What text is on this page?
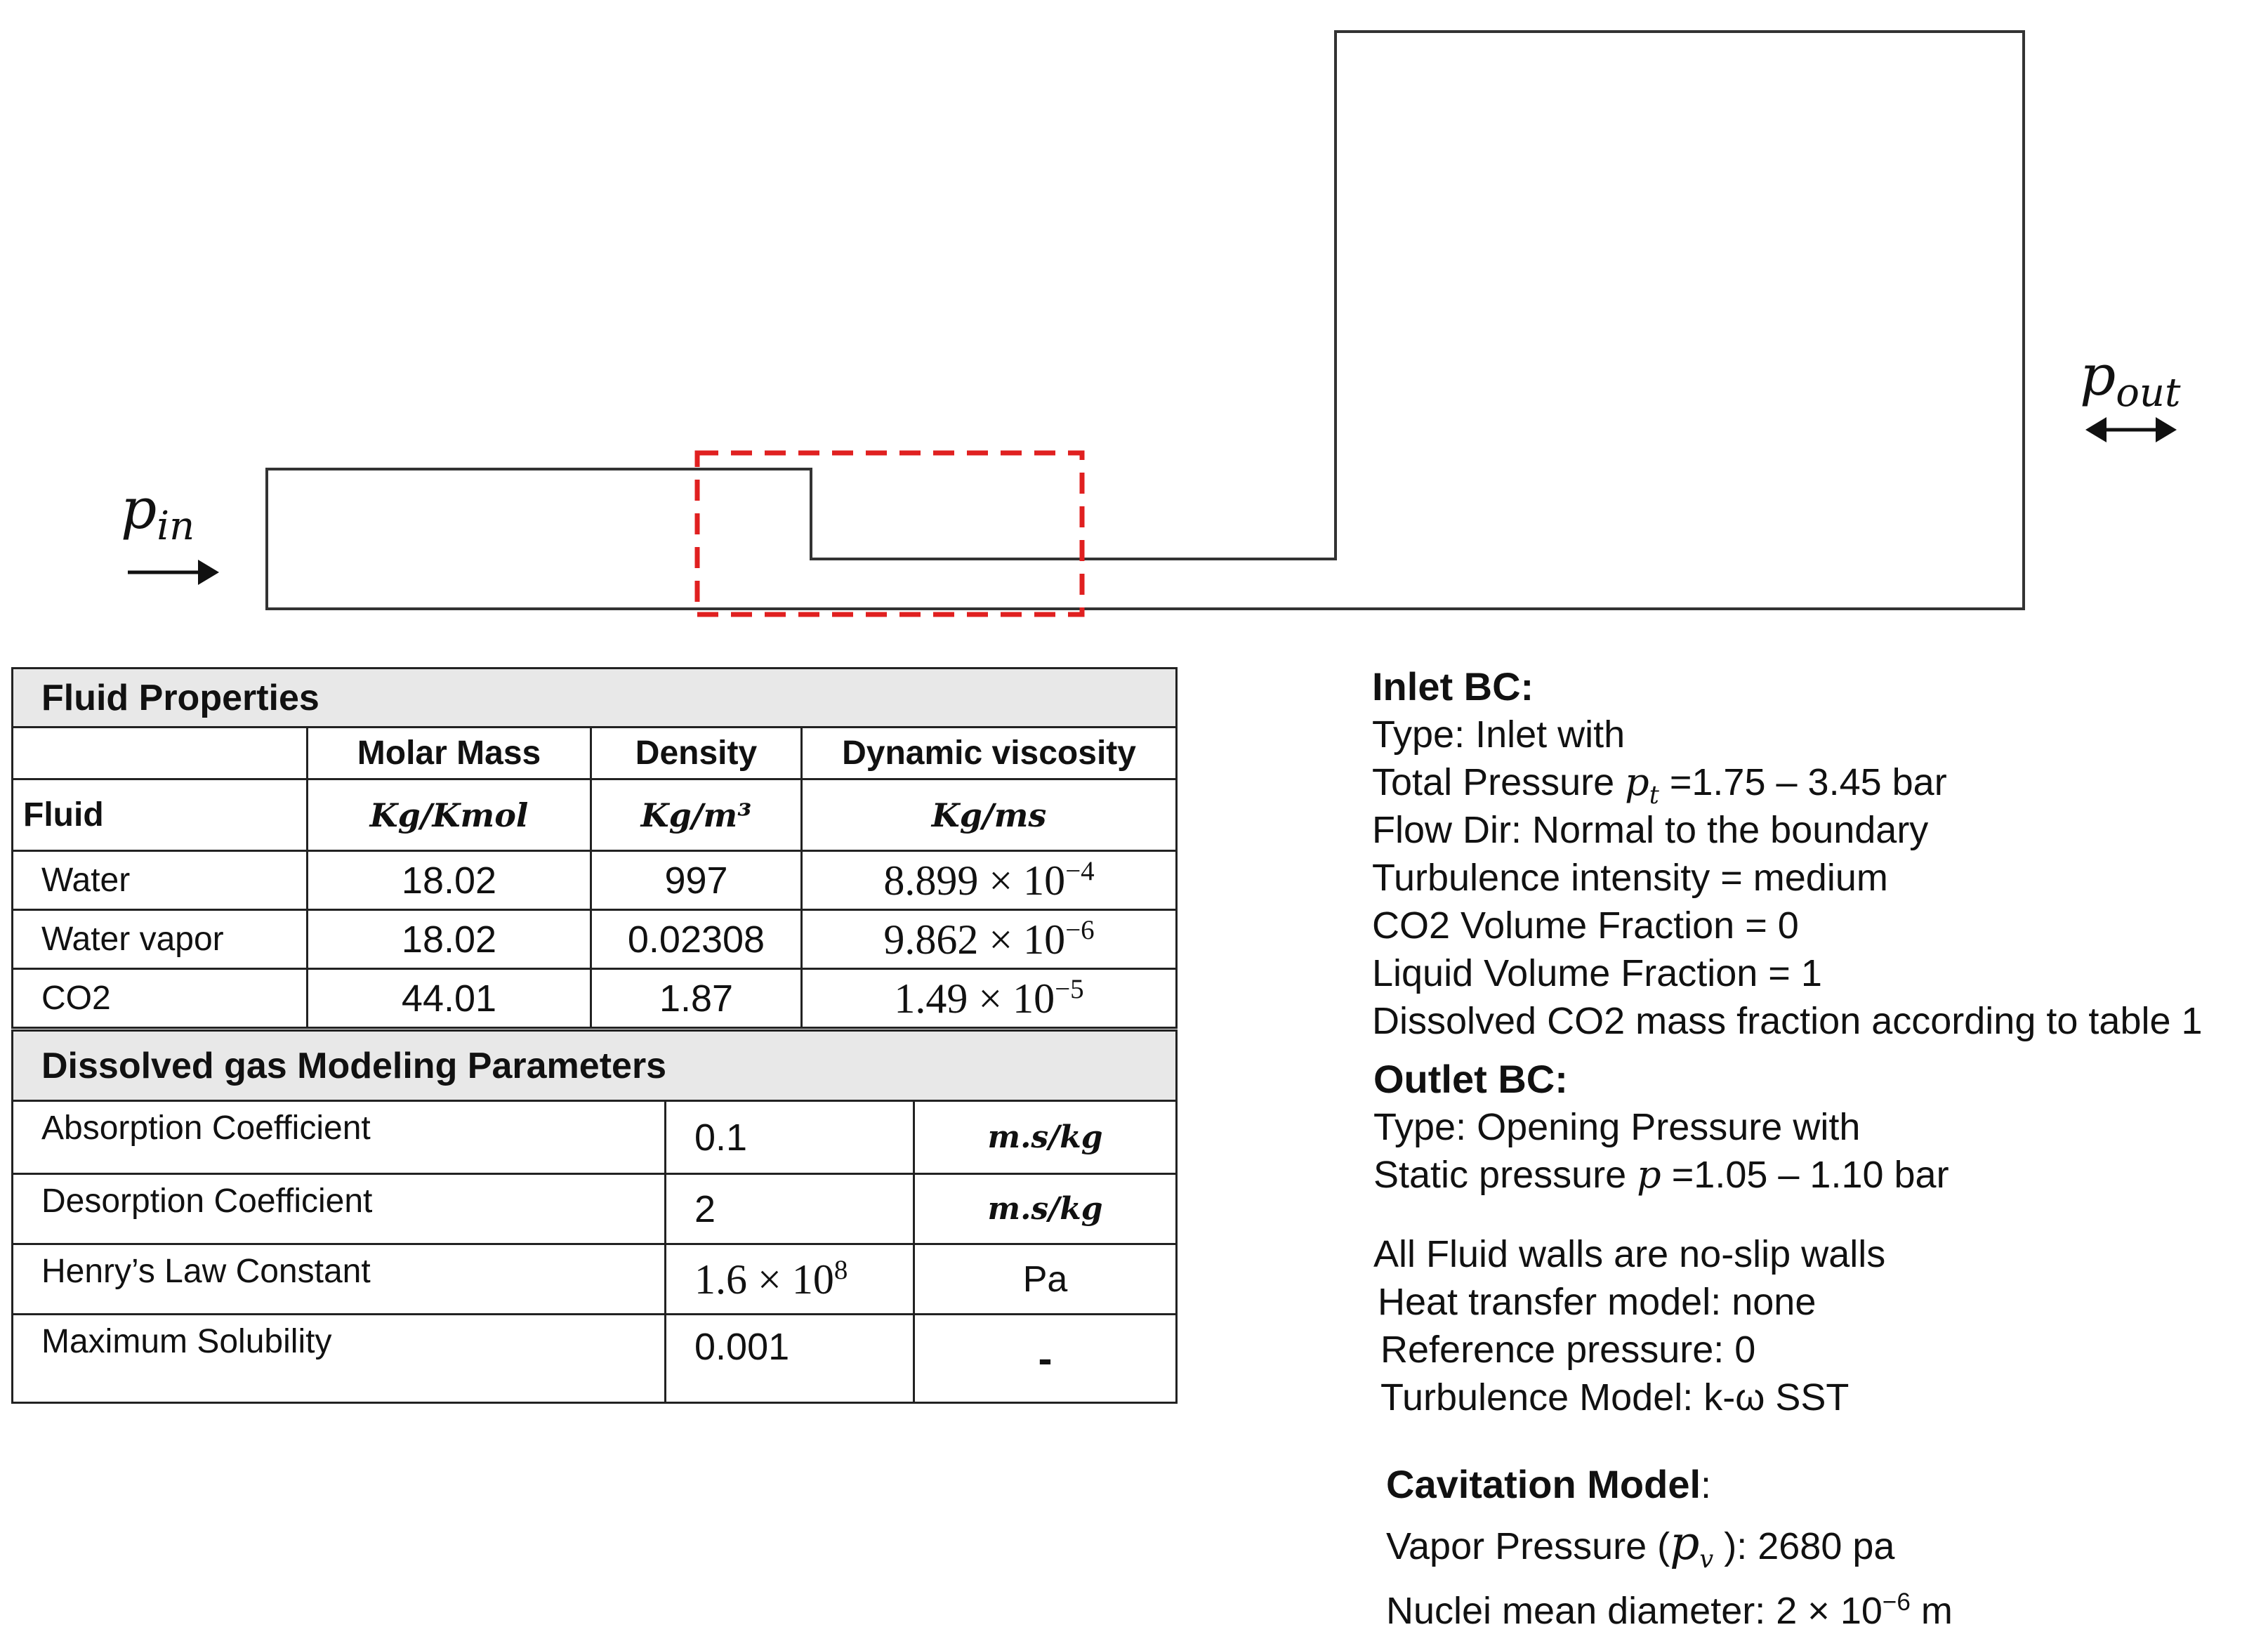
$p_{in}$
$p_{out}$
Fluid Properties			
	Molar Mass	Density	Dynamic viscosity
Fluid	Kg/Kmol	Kg/m³	Kg/ms
Water	18.02	997	$8.899 \times 10^{-4}$
Water vapor	18.02	0.02308	$9.862 \times 10^{-6}$
CO2	44.01	1.87	$1.49 \times 10^{-5}$
Dissolved gas Modeling Parameters		
Absorption Coefficient	0.1	m.s/kg
Desorption Coefficient	2	m.s/kg
Henry’s Law Constant	$1.6 \times 10^8$	Pa
Maximum Solubility	0.001	-
Inlet BC:
Type: Inlet with
Total Pressure $p_t =1.75 - 3.45$ bar
Flow Dir: Normal to the boundary
Turbulence intensity = medium
CO2 Volume Fraction = 0
Liquid Volume Fraction = 1
Dissolved CO2 mass fraction according to table 1
Outlet BC:
Type: Opening Pressure with
Static pressure p =1.05 – 1.10 bar
All Fluid walls are no-slip walls
Heat transfer model: none
Reference pressure: 0
Turbulence Model: k-ω SST
Cavitation Model:
Vapor Pressure ($p_v$ ): 2680 pa
Nuclei mean diameter: $2 \times 10^{-6}$ m
